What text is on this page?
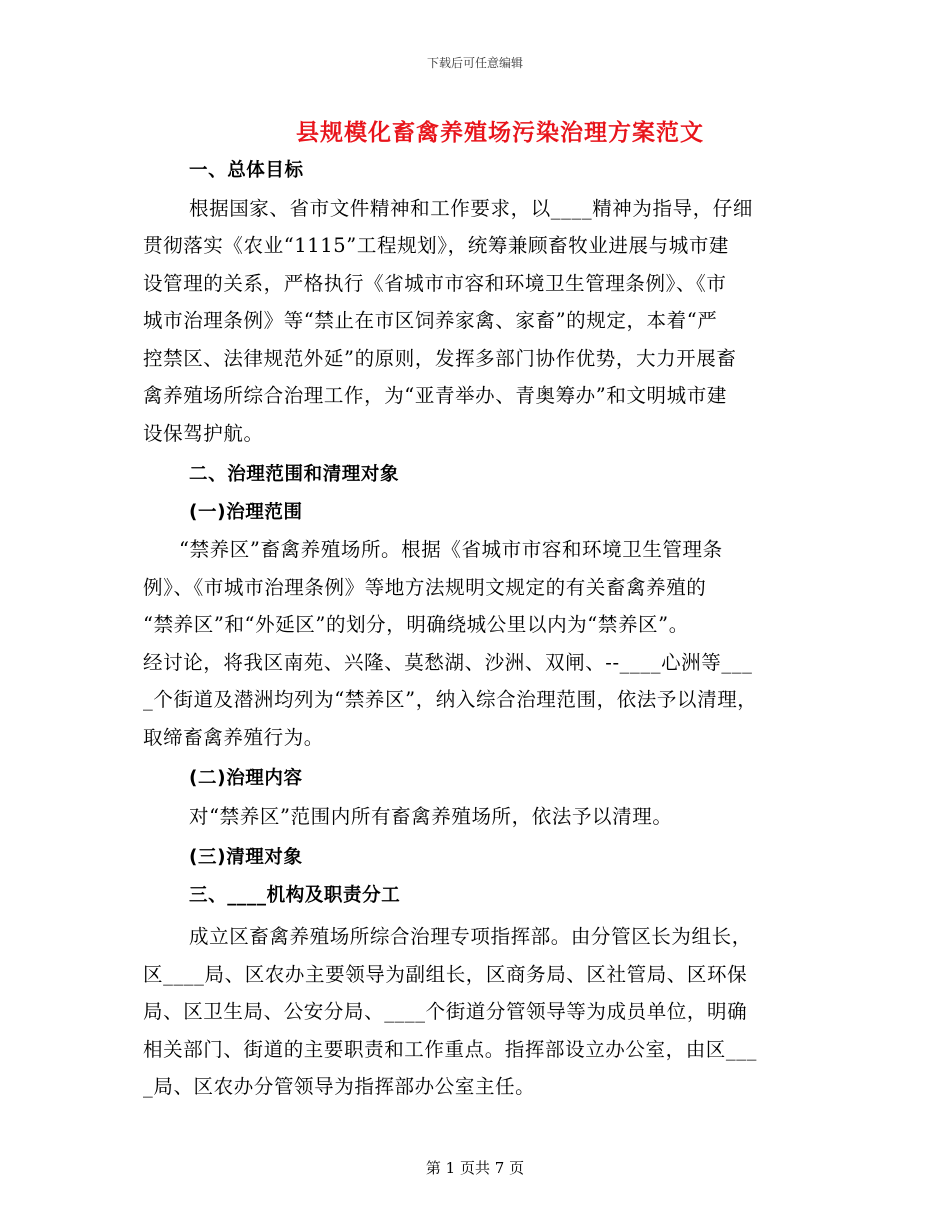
下载后可任意编辑
县规模化畜禽养殖场污染治理方案范文
一、总体目标
根据国家、省市文件精神和工作要求，以____精神为指导，仔细
贯彻落实《农业“1115”工程规划》，统筹兼顾畜牧业进展与城市建
设管理的关系，严格执行《省城市市容和环境卫生管理条例》、《市
城市治理条例》等“禁止在市区饲养家禽、家畜”的规定，本着“严
控禁区、法律规范外延”的原则，发挥多部门协作优势，大力开展畜
禽养殖场所综合治理工作，为“亚青举办、青奥筹办”和文明城市建
设保驾护航。
二、治理范围和清理对象
(一)治理范围
“禁养区”畜禽养殖场所。根据《省城市市容和环境卫生管理条
例》、《市城市治理条例》等地方法规明文规定的有关畜禽养殖的
“禁养区”和“外延区”的划分，明确绕城公里以内为“禁养区”。
经讨论，将我区南苑、兴隆、莫愁湖、沙洲、双闸、--____心洲等___
_个街道及潜洲均列为“禁养区”，纳入综合治理范围，依法予以清理，
取缔畜禽养殖行为。
(二)治理内容
对“禁养区”范围内所有畜禽养殖场所，依法予以清理。
(三)清理对象
三、____机构及职责分工
成立区畜禽养殖场所综合治理专项指挥部。由分管区长为组长，
区____局、区农办主要领导为副组长，区商务局、区社管局、区环保
局、区卫生局、公安分局、____个街道分管领导等为成员单位，明确
相关部门、街道的主要职责和工作重点。指挥部设立办公室，由区___
_局、区农办分管领导为指挥部办公室主任。
第 1 页共 7 页
